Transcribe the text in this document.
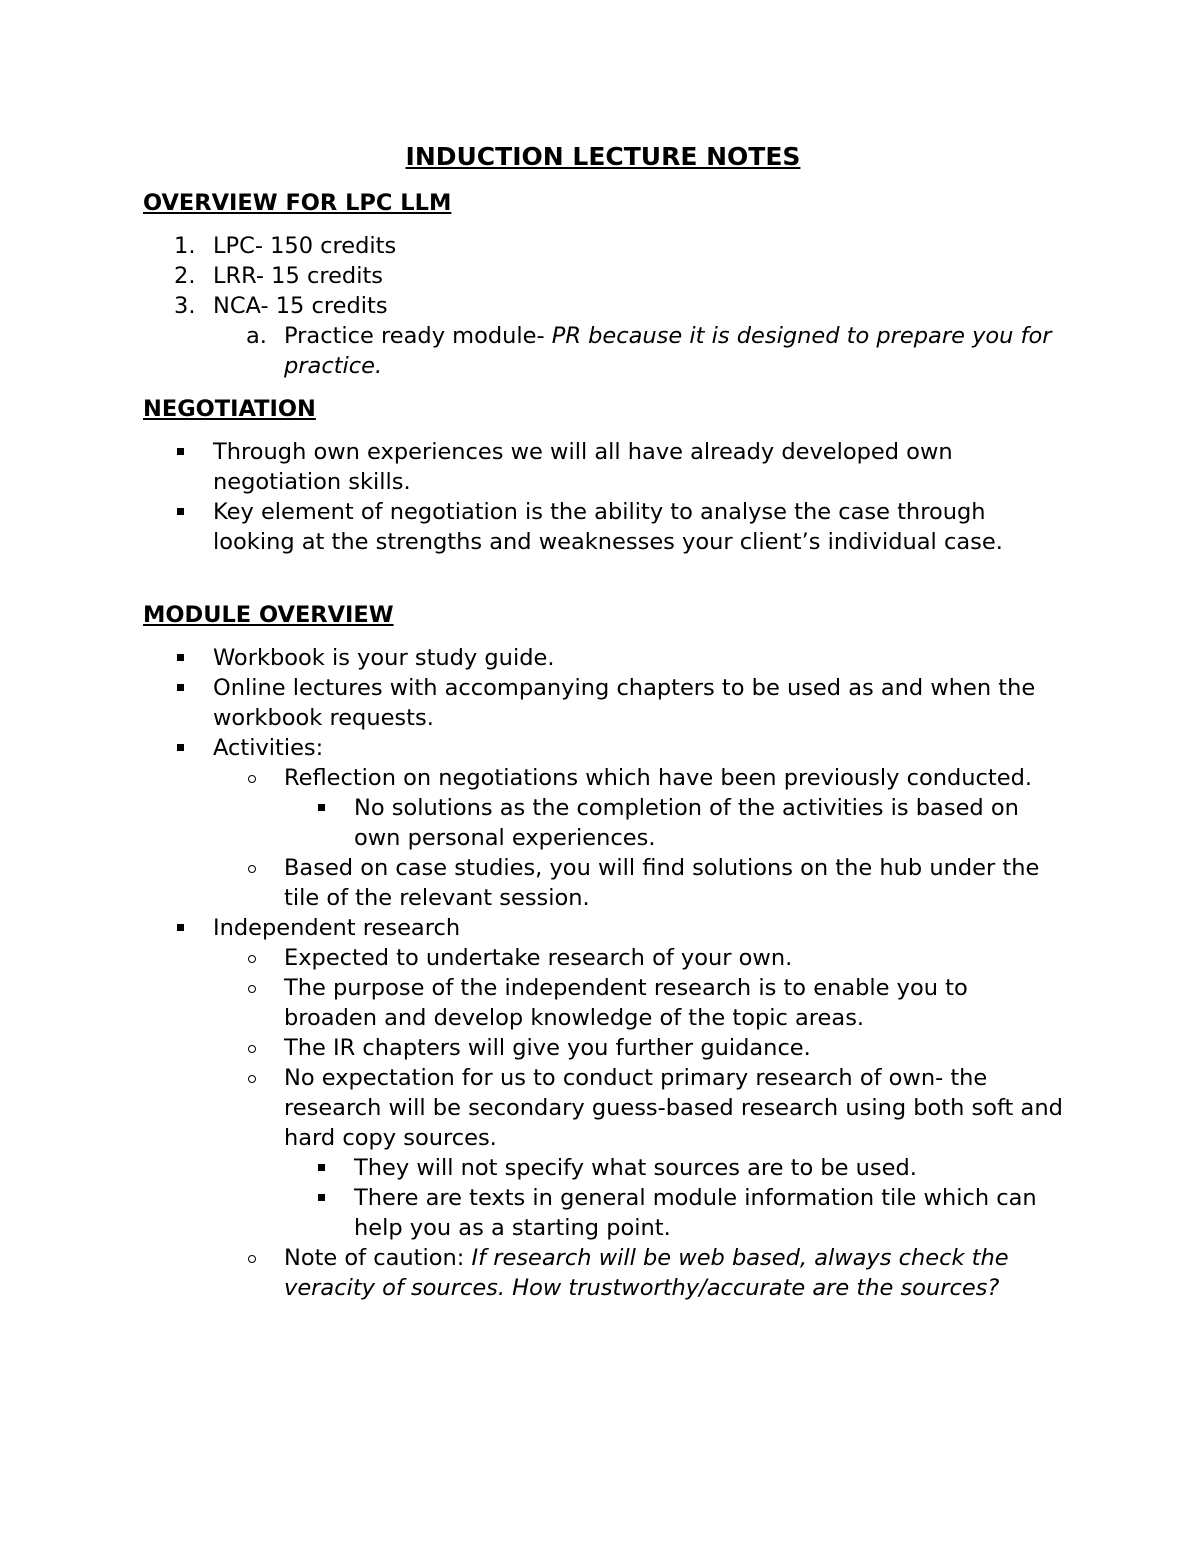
INDUCTION LECTURE NOTES
OVERVIEW FOR LPC LLM
1. LPC- 150 credits
2. LRR- 15 credits
3. NCA- 15 credits
a. Practice ready module- PR because it is designed to prepare you for practice.
NEGOTIATION
Through own experiences we will all have already developed own negotiation skills.
Key element of negotiation is the ability to analyse the case through looking at the strengths and weaknesses your client’s individual case.
MODULE OVERVIEW
Workbook is your study guide.
Online lectures with accompanying chapters to be used as and when the workbook requests.
Activities:
Reflection on negotiations which have been previously conducted.
No solutions as the completion of the activities is based on own personal experiences.
Based on case studies, you will find solutions on the hub under the tile of the relevant session.
Independent research
Expected to undertake research of your own.
The purpose of the independent research is to enable you to broaden and develop knowledge of the topic areas.
The IR chapters will give you further guidance.
No expectation for us to conduct primary research of own- the research will be secondary guess-based research using both soft and hard copy sources.
They will not specify what sources are to be used.
There are texts in general module information tile which can help you as a starting point.
Note of caution: If research will be web based, always check the veracity of sources. How trustworthy/accurate are the sources?
